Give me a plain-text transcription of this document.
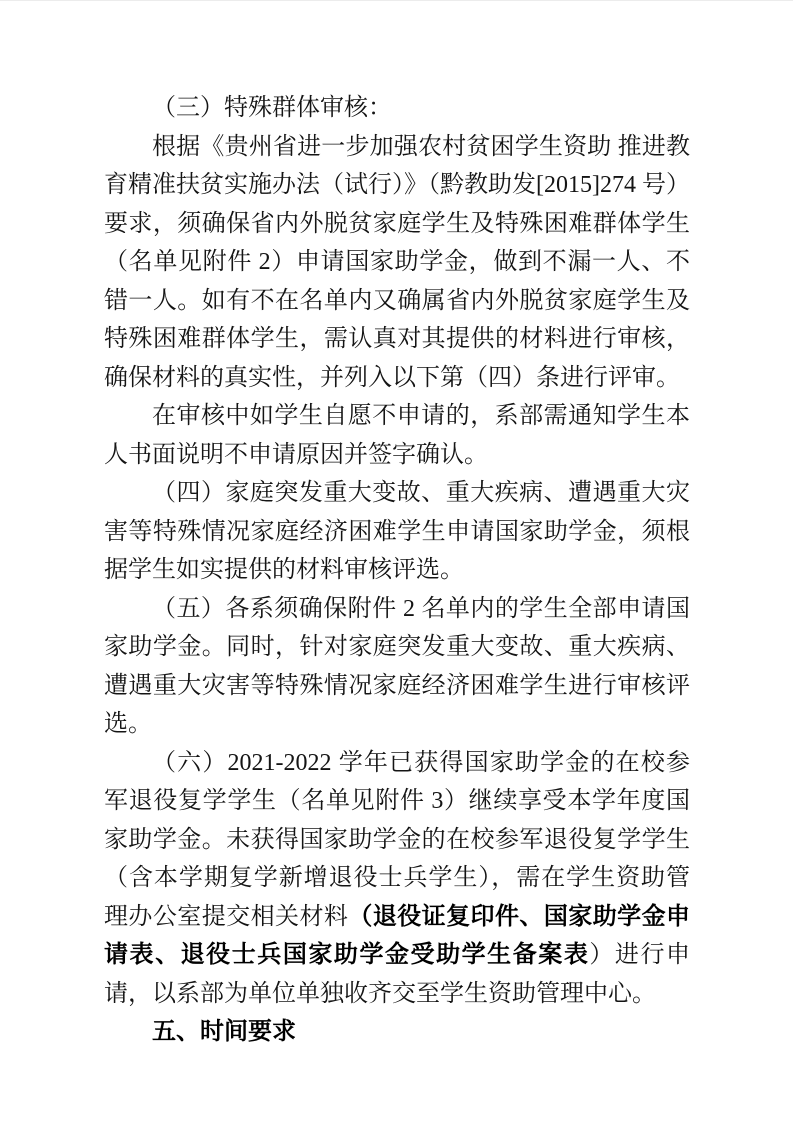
（三）特殊群体审核：

根据《贵州省进一步加强农村贫困学生资助 推进教育精准扶贫实施办法（试行）》（黔教助发[2015]274 号）要求，须确保省内外脱贫家庭学生及特殊困难群体学生（名单见附件 2）申请国家助学金，做到不漏一人、不错一人。如有不在名单内又确属省内外脱贫家庭学生及特殊困难群体学生，需认真对其提供的材料进行审核，确保材料的真实性，并列入以下第（四）条进行评审。

在审核中如学生自愿不申请的，系部需通知学生本人书面说明不申请原因并签字确认。

（四）家庭突发重大变故、重大疾病、遭遇重大灾害等特殊情况家庭经济困难学生申请国家助学金，须根据学生如实提供的材料审核评选。

（五）各系须确保附件 2 名单内的学生全部申请国家助学金。同时，针对家庭突发重大变故、重大疾病、遭遇重大灾害等特殊情况家庭经济困难学生进行审核评选。

（六）2021-2022 学年已获得国家助学金的在校参军退役复学学生（名单见附件 3）继续享受本学年度国家助学金。未获得国家助学金的在校参军退役复学学生（含本学期复学新增退役士兵学生），需在学生资助管理办公室提交相关材料（退役证复印件、国家助学金申请表、退役士兵国家助学金受助学生备案表）进行申请，以系部为单位单独收齐交至学生资助管理中心。

五、时间要求
